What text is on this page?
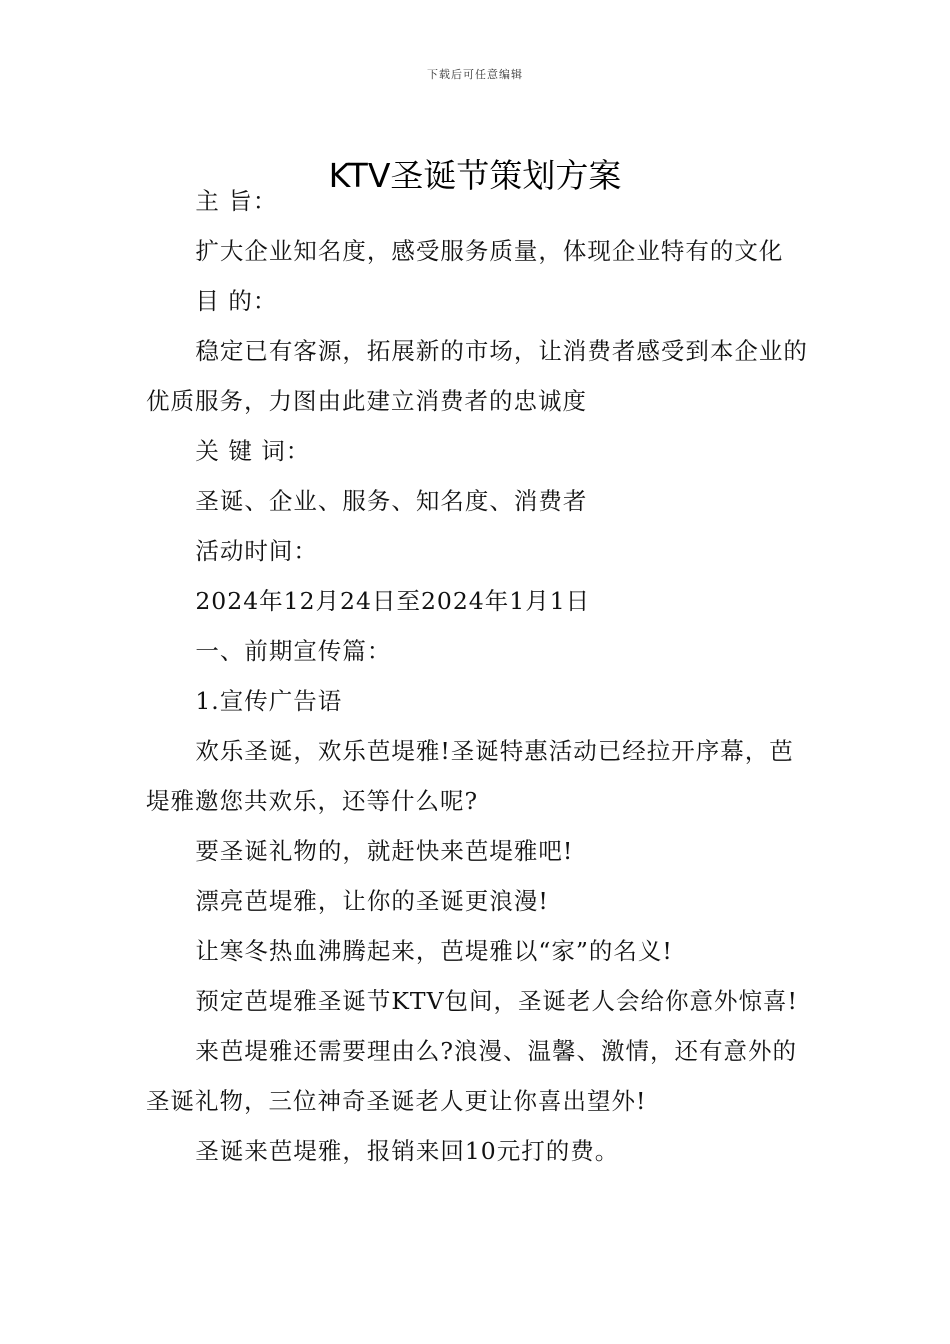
下载后可任意编辑
KTV圣诞节策划方案

主 旨：

扩大企业知名度，感受服务质量，体现企业特有的文化

目 的：

稳定已有客源，拓展新的市场，让消费者感受到本企业的优质服务，力图由此建立消费者的忠诚度

关 键 词：

圣诞、企业、服务、知名度、消费者

活动时间：

2024年12月24日至2024年1月1日

一、前期宣传篇：

1.宣传广告语

欢乐圣诞，欢乐芭堤雅!圣诞特惠活动已经拉开序幕，芭堤雅邀您共欢乐，还等什么呢?

要圣诞礼物的，就赶快来芭堤雅吧!

漂亮芭堤雅，让你的圣诞更浪漫!

让寒冬热血沸腾起来，芭堤雅以“家”的名义!

预定芭堤雅圣诞节KTV包间，圣诞老人会给你意外惊喜!

来芭堤雅还需要理由么?浪漫、温馨、激情，还有意外的圣诞礼物，三位神奇圣诞老人更让你喜出望外!

圣诞来芭堤雅，报销来回10元打的费。
